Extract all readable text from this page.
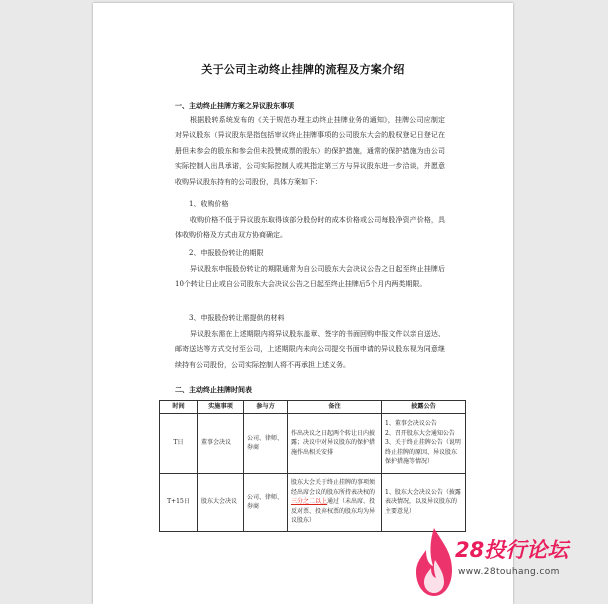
关于公司主动终止挂牌的流程及方案介绍
一、主动终止挂牌方案之异议股东事项
根据股转系统发布的《关于规范办理主动终止挂牌业务的通知》，挂牌公司应制定对异议股东（异议股东是指包括审议终止挂牌事项的公司股东大会的股权登记日登记在册但未参会的股东和参会但未投赞成票的股东）的保护措施，通常的保护措施为由公司实际控制人出具承诺，公司实际控制人或其指定第三方与异议股东进一步洽谈，并愿意收购异议股东持有的公司股份，具体方案如下：
1、收购价格
收购价格不低于异议股东取得该部分股份时的成本价格或公司每股净资产价格，具体收购价格及方式由双方协商确定。
2、申报股份转让的期限
异议股东申报股份转让的期限通常为自公司股东大会决议公告之日起至终止挂牌后10个转让日止或自公司股东大会决议公告之日起至终止挂牌后5个月内两类期限。
3、申报股份转让需提供的材料
异议股东需在上述期限内将异议股东盖章、签字的书面回购申报文件以亲自送达、邮寄送达等方式交付至公司，上述期限内未向公司提交书面申请的异议股东视为同意继续持有公司股份，公司实际控制人将不再承担上述义务。
二、主动终止挂牌时间表
时间	实施事项	参与方	备注	披露公告
T日	董事会决议	公司、律师、券商	作出决议之日起两个转让日内披露；决议中对异议股东的保护措施作出相关安排	1、董事会决议公告
2、召开股东大会通知公告
3、关于终止挂牌公告（说明终止挂牌的原因、异议股东保护措施等情况）

T+15日	股东大会决议	公司、律师、券商	股东大会关于终止挂牌的事项须经出席会议的股东所持表决权的三分之二以上通过（未出席、投反对票、投弃权票的股东均为异议股东）	1、股东大会决议公告（披露表决情况，以及异议股东的主要意见）
28投行论坛
www.28touhang.com
